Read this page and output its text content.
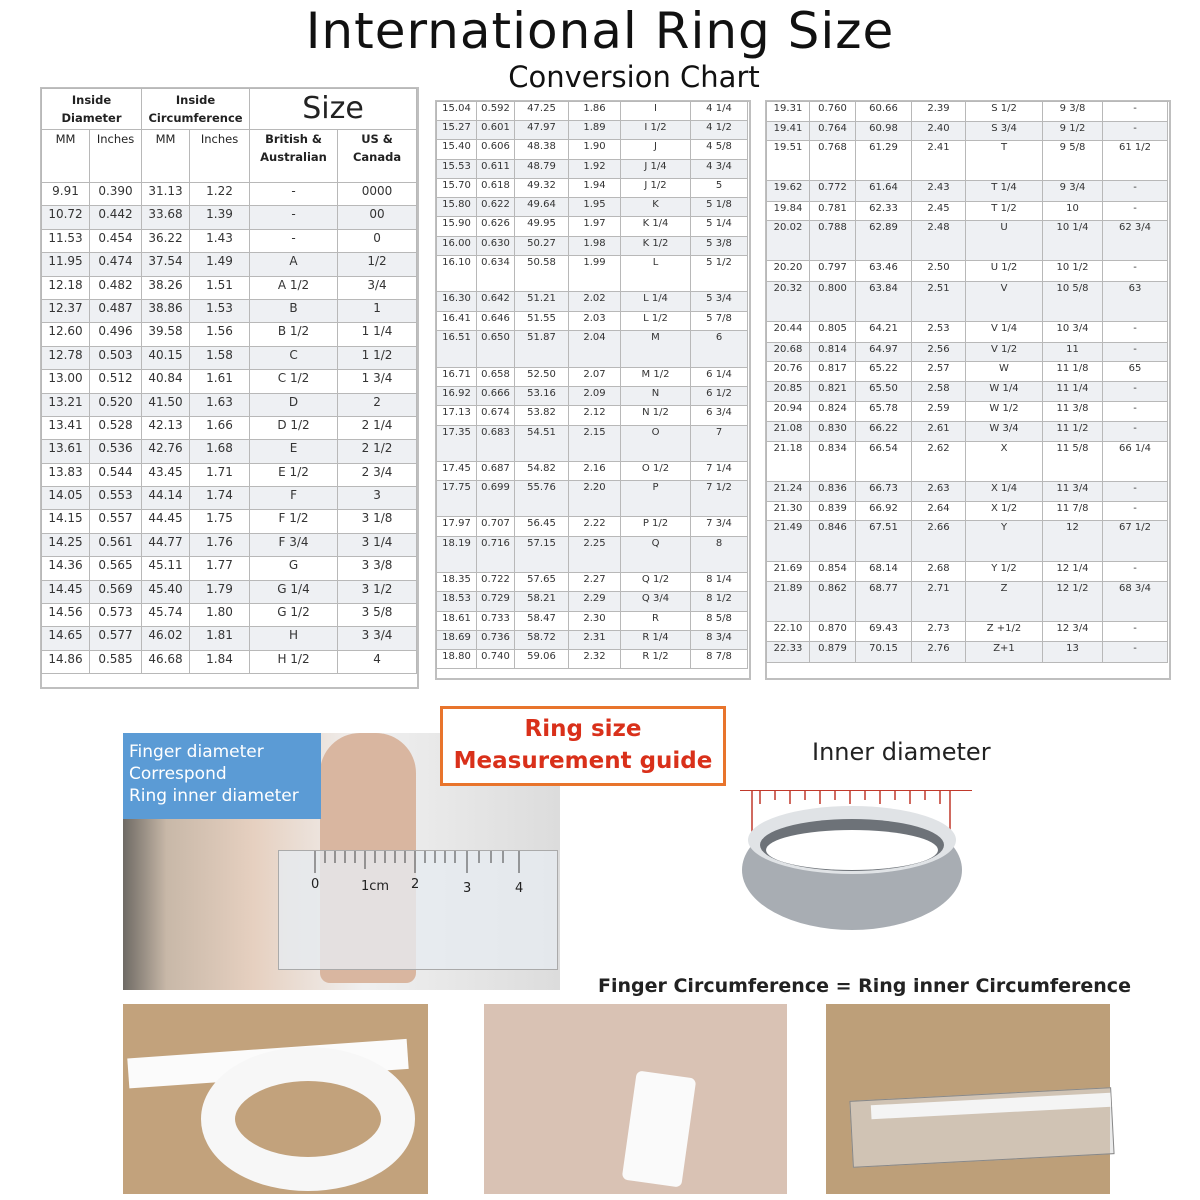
International Ring Size
Conversion Chart
Inside Diameter		Inside Circumference		Size	
MM	Inches	MM	Inches	British & Australian	US & Canada
9.91	0.390	31.13	1.22	-	0000
10.72	0.442	33.68	1.39	-	00
11.53	0.454	36.22	1.43	-	0
11.95	0.474	37.54	1.49	A	1/2
12.18	0.482	38.26	1.51	A 1/2	3/4
12.37	0.487	38.86	1.53	B	1
12.60	0.496	39.58	1.56	B 1/2	1 1/4
12.78	0.503	40.15	1.58	C	1 1/2
13.00	0.512	40.84	1.61	C 1/2	1 3/4
13.21	0.520	41.50	1.63	D	2
13.41	0.528	42.13	1.66	D 1/2	2 1/4
13.61	0.536	42.76	1.68	E	2 1/2
13.83	0.544	43.45	1.71	E 1/2	2 3/4
14.05	0.553	44.14	1.74	F	3
14.15	0.557	44.45	1.75	F 1/2	3 1/8
14.25	0.561	44.77	1.76	F 3/4	3 1/4
14.36	0.565	45.11	1.77	G	3 3/8
14.45	0.569	45.40	1.79	G 1/4	3 1/2
14.56	0.573	45.74	1.80	G 1/2	3 5/8
14.65	0.577	46.02	1.81	H	3 3/4
14.86	0.585	46.68	1.84	H 1/2	4
15.04	0.592	47.25	1.86	I	4 1/4
15.27	0.601	47.97	1.89	I 1/2	4 1/2
15.40	0.606	48.38	1.90	J	4 5/8
15.53	0.611	48.79	1.92	J 1/4	4 3/4
15.70	0.618	49.32	1.94	J 1/2	5
15.80	0.622	49.64	1.95	K	5 1/8
15.90	0.626	49.95	1.97	K 1/4	5 1/4
16.00	0.630	50.27	1.98	K 1/2	5 3/8
16.10	0.634	50.58	1.99	L	5 1/2
16.30	0.642	51.21	2.02	L 1/4	5 3/4
16.41	0.646	51.55	2.03	L 1/2	5 7/8
16.51	0.650	51.87	2.04	M	6
16.71	0.658	52.50	2.07	M 1/2	6 1/4
16.92	0.666	53.16	2.09	N	6 1/2
17.13	0.674	53.82	2.12	N 1/2	6 3/4
17.35	0.683	54.51	2.15	O	7
17.45	0.687	54.82	2.16	O 1/2	7 1/4
17.75	0.699	55.76	2.20	P	7 1/2
17.97	0.707	56.45	2.22	P 1/2	7 3/4
18.19	0.716	57.15	2.25	Q	8
18.35	0.722	57.65	2.27	Q 1/2	8 1/4
18.53	0.729	58.21	2.29	Q 3/4	8 1/2
18.61	0.733	58.47	2.30	R	8 5/8
18.69	0.736	58.72	2.31	R 1/4	8 3/4
18.80	0.740	59.06	2.32	R 1/2	8 7/8
19.31	0.760	60.66	2.39	S 1/2	9 3/8	-
19.41	0.764	60.98	2.40	S 3/4	9 1/2	-
19.51	0.768	61.29	2.41	T	9 5/8	61 1/2
19.62	0.772	61.64	2.43	T 1/4	9 3/4	-
19.84	0.781	62.33	2.45	T 1/2	10	-
20.02	0.788	62.89	2.48	U	10 1/4	62 3/4
20.20	0.797	63.46	2.50	U 1/2	10 1/2	-
20.32	0.800	63.84	2.51	V	10 5/8	63
20.44	0.805	64.21	2.53	V 1/4	10 3/4	-
20.68	0.814	64.97	2.56	V 1/2	11	-
20.76	0.817	65.22	2.57	W	11 1/8	65
20.85	0.821	65.50	2.58	W 1/4	11 1/4	-
20.94	0.824	65.78	2.59	W 1/2	11 3/8	-
21.08	0.830	66.22	2.61	W 3/4	11 1/2	-
21.18	0.834	66.54	2.62	X	11 5/8	66 1/4
21.24	0.836	66.73	2.63	X 1/4	11 3/4	-
21.30	0.839	66.92	2.64	X 1/2	11 7/8	-
21.49	0.846	67.51	2.66	Y	12	67 1/2
21.69	0.854	68.14	2.68	Y 1/2	12 1/4	-
21.89	0.862	68.77	2.71	Z	12 1/2	68 3/4
22.10	0.870	69.43	2.73	Z +1/2	12 3/4	-
22.33	0.879	70.15	2.76	Z+1	13	-
0	1cm 2	3	4
Finger diameter
Correspond
Ring inner diameter
Ring size
Measurement guide	Inner diameter
Finger Circumference = Ring inner Circumference
